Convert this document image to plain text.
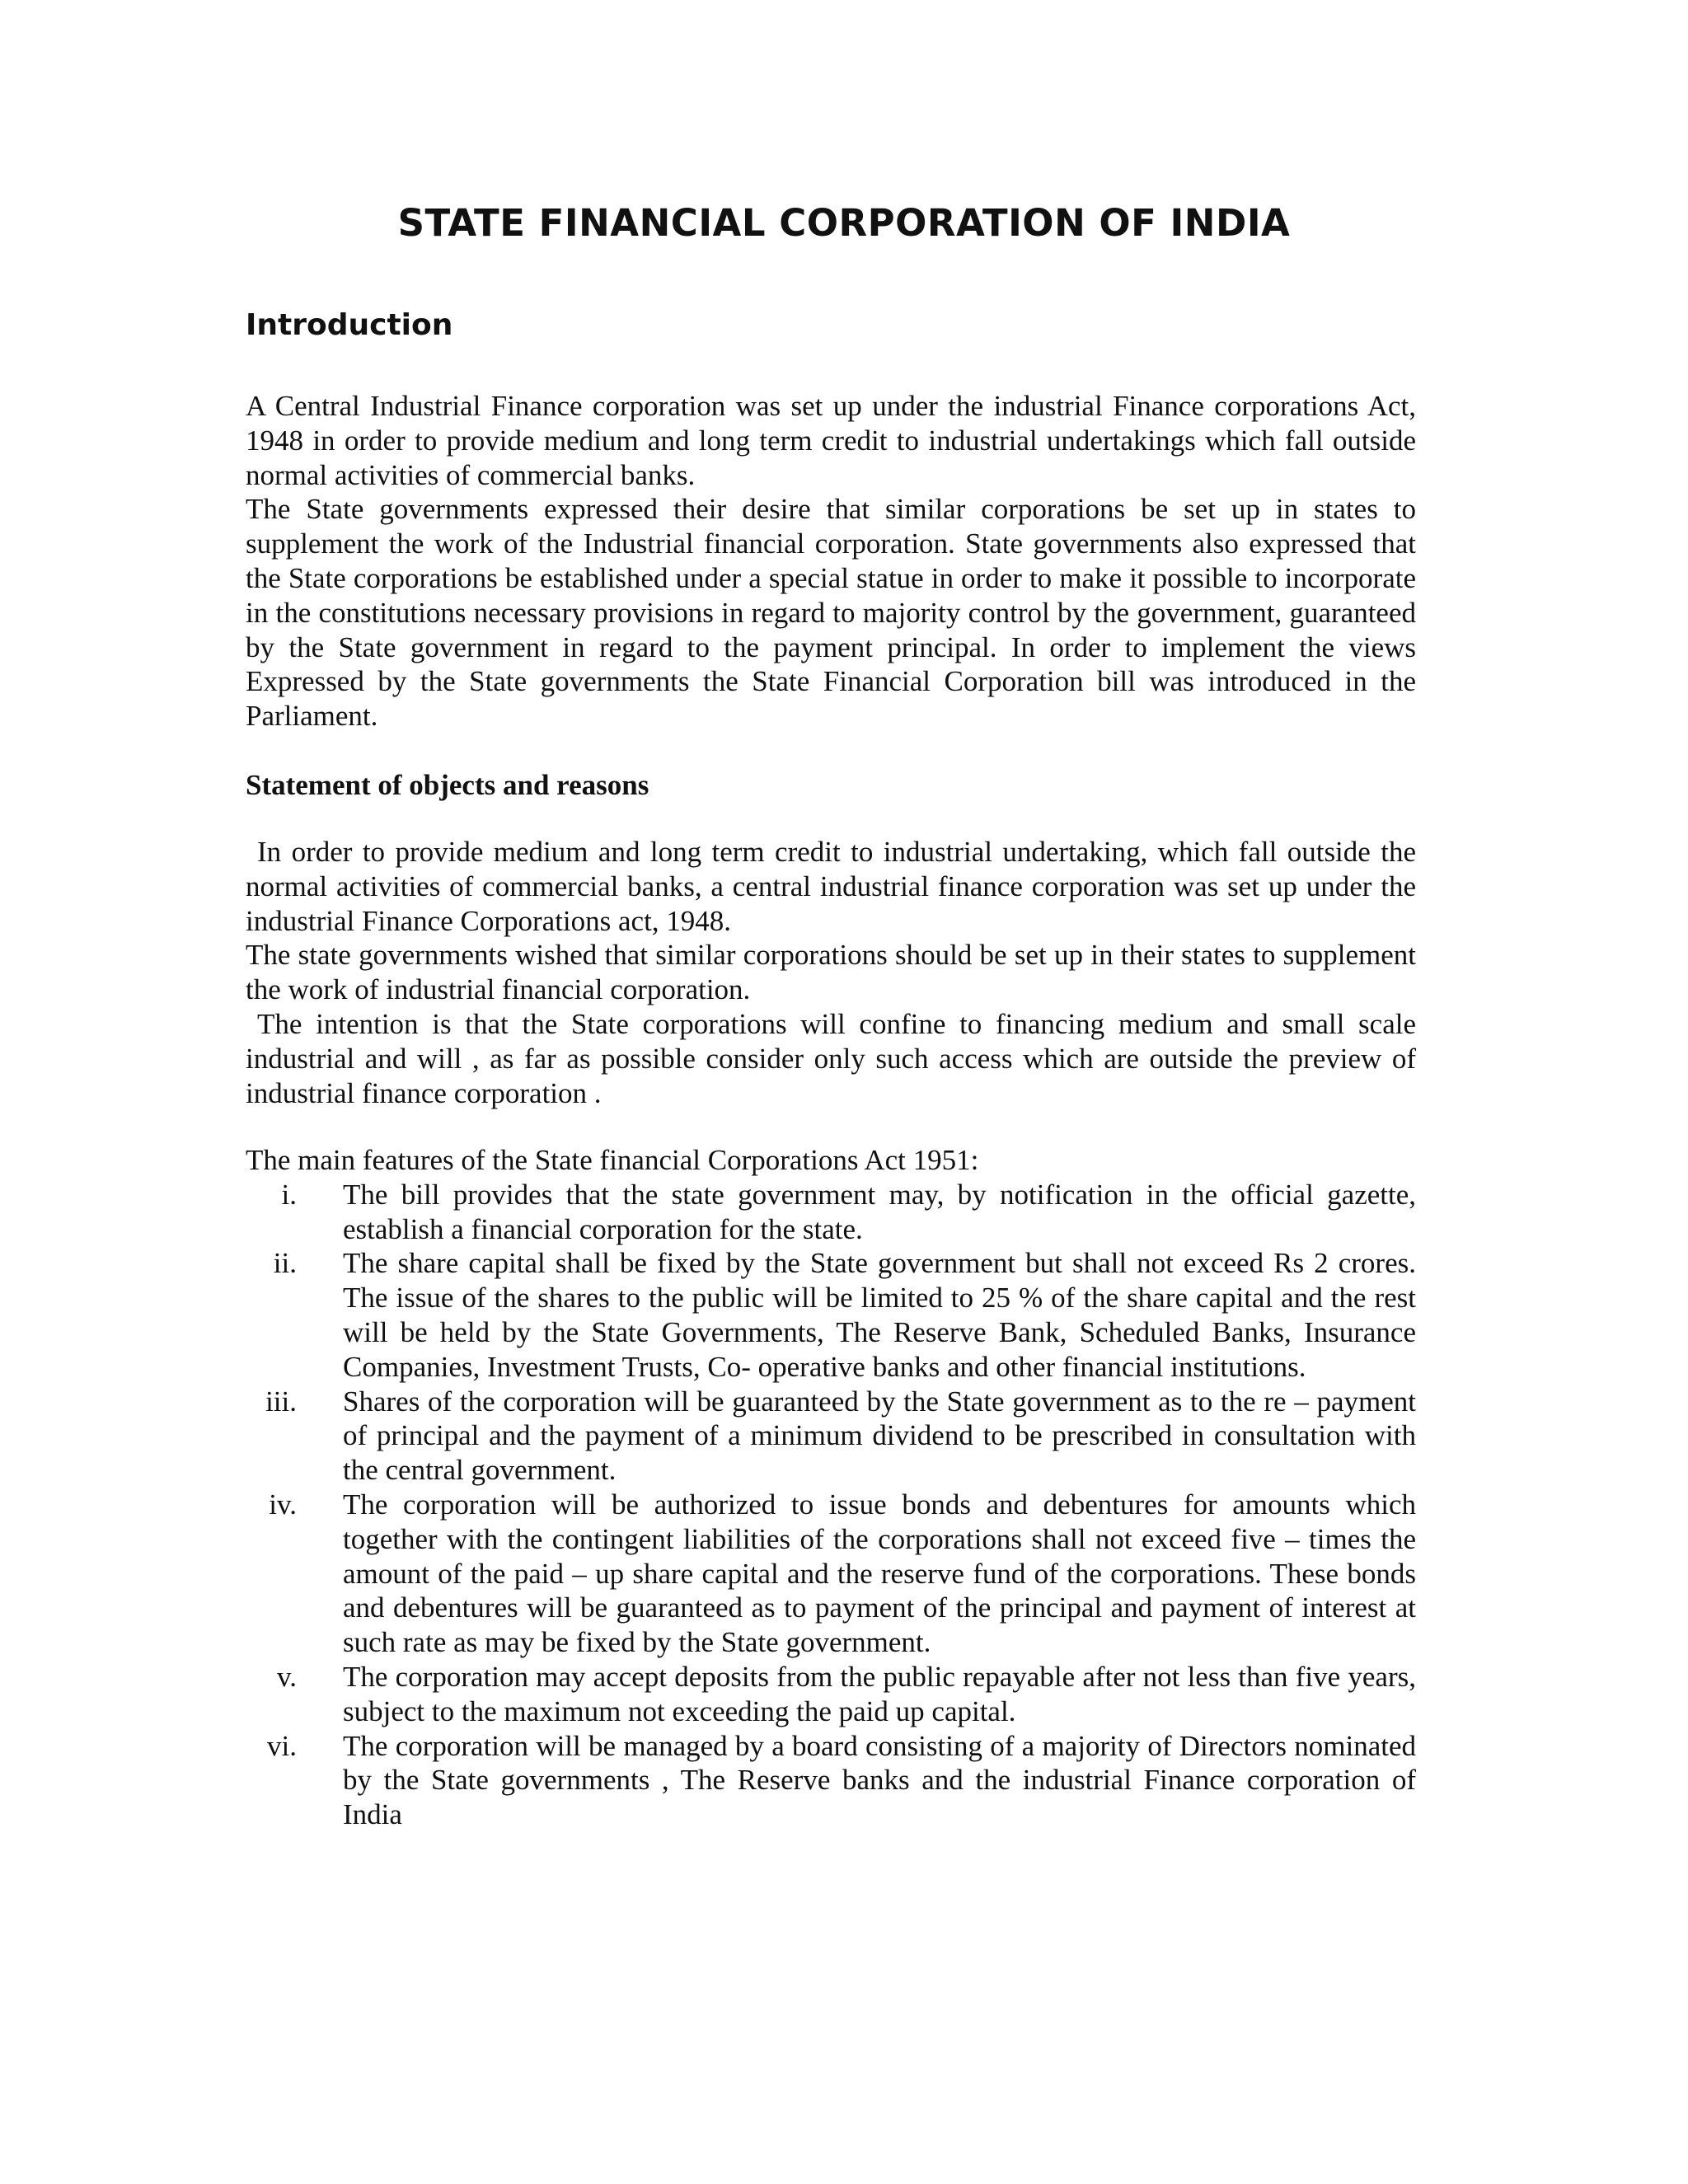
STATE FINANCIAL CORPORATION OF INDIA
Introduction

A Central Industrial Finance corporation was set up under the industrial Finance corporations Act, 1948 in order to provide medium and long term credit to industrial undertakings which fall outside normal activities of commercial banks.

The State governments expressed their desire that similar corporations be set up in states to supplement the work of the Industrial financial corporation. State governments also expressed that the State corporations be established under a special statue in order to make it possible to incorporate in the constitutions necessary provisions in regard to majority control by the government, guaranteed by the State government in regard to the payment principal. In order to implement the views Expressed by the State governments the State Financial Corporation bill was introduced in the Parliament.

Statement of objects and reasons

In order to provide medium and long term credit to industrial undertaking, which fall outside the normal activities of commercial banks, a central industrial finance corporation was set up under the industrial Finance Corporations act, 1948.

The state governments wished that similar corporations should be set up in their states to supplement the work of industrial financial corporation.

The intention is that the State corporations will confine to financing medium and small scale industrial and will , as far as possible consider only such access which are outside the preview of industrial finance corporation .

The main features of the State financial Corporations Act 1951:

i. The bill provides that the state government may, by notification in the official gazette, establish a financial corporation for the state.
ii. The share capital shall be fixed by the State government but shall not exceed Rs 2 crores. The issue of the shares to the public will be limited to 25 % of the share capital and the rest will be held by the State Governments, The Reserve Bank, Scheduled Banks, Insurance Companies, Investment Trusts, Co- operative banks and other financial institutions.
iii. Shares of the corporation will be guaranteed by the State government as to the re – payment of principal and the payment of a minimum dividend to be prescribed in consultation with the central government.
iv. The corporation will be authorized to issue bonds and debentures for amounts which together with the contingent liabilities of the corporations shall not exceed five – times the amount of the paid – up share capital and the reserve fund of the corporations. These bonds and debentures will be guaranteed as to payment of the principal and payment of interest at such rate as may be fixed by the State government.
v. The corporation may accept deposits from the public repayable after not less than five years, subject to the maximum not exceeding the paid up capital.
vi. The corporation will be managed by a board consisting of a majority of Directors nominated by the State governments , The Reserve banks and the industrial Finance corporation of India
